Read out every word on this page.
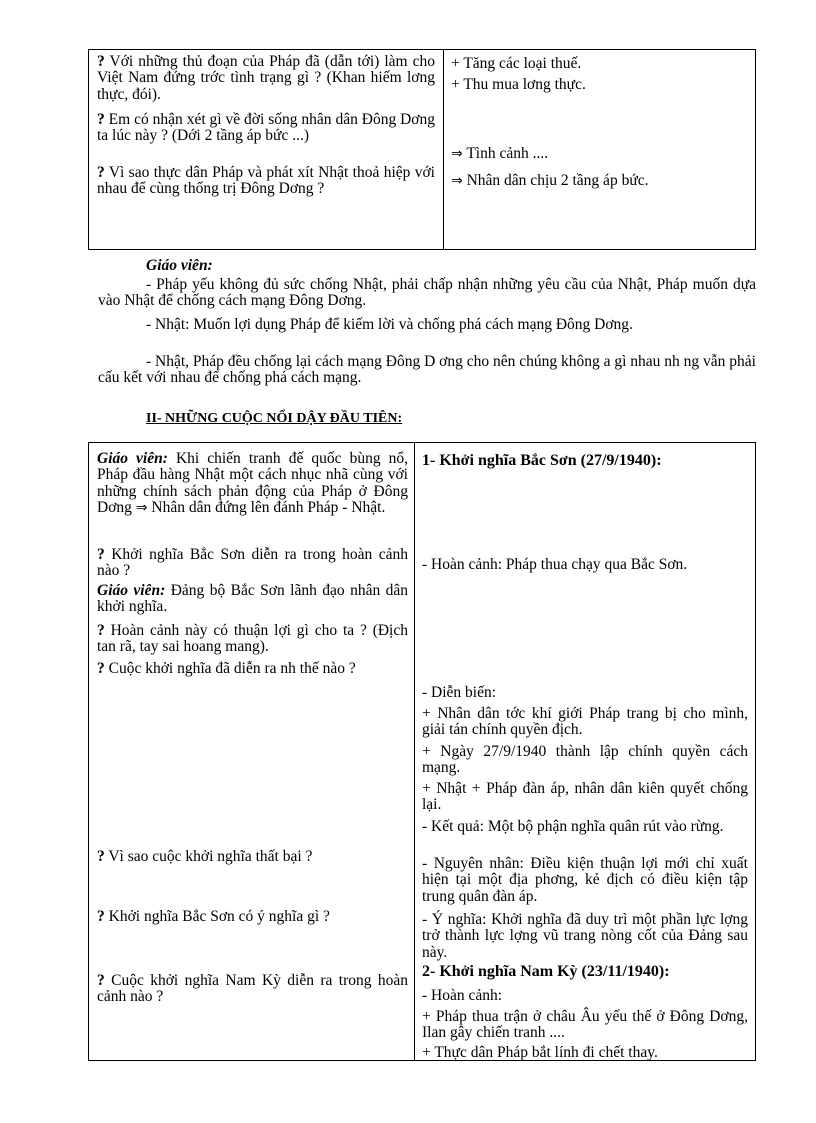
? Với những thủ đoạn của Pháp đã (dẫn tới) làm cho Việt Nam đứng trớc tình trạng gì ? (Khan hiếm lơng thực, đói).
? Em có nhận xét gì về đời sống nhân dân Đông Dơng ta lúc này ? (Dới 2 tầng áp bức ...)
? Vì sao thực dân Pháp và phát xít Nhật thoả hiệp với nhau để cùng thống trị Đông Dơng ?
+ Tăng các loại thuế.
+ Thu mua lơng thực.
⇒ Tình cảnh ....
⇒ Nhân dân chịu 2 tầng áp bức.
Giáo viên:
- Pháp yếu không đủ sức chống Nhật, phải chấp nhận những yêu cầu của Nhật, Pháp muốn dựa vào Nhật để chống cách mạng Đông Dơng.
- Nhật: Muốn lợi dụng Pháp để kiếm lời và chống phá cách mạng Đông Dơng.
- Nhật, Pháp đều chống lại cách mạng Đông D ơng cho nên chúng không a gì nhau nh ng vẫn phải cấu kết với nhau để chống phá cách mạng.
II- NHỮNG CUỘC NỔI DẬY ĐẦU TIÊN:
Giáo viên: Khi chiến tranh đế quốc bùng nổ, Pháp đầu hàng Nhật một cách nhục nhã cùng với những chính sách phản động của Pháp ở Đông Dơng ⇒ Nhân dân đứng lên đánh Pháp - Nhật.
? Khởi nghĩa Bắc Sơn diễn ra trong hoàn cảnh nào ?
Giáo viên: Đảng bộ Bắc Sơn lãnh đạo nhân dân khởi nghĩa.
? Hoàn cảnh này có thuận lợi gì cho ta ? (Địch tan rã, tay sai hoang mang).
? Cuộc khởi nghĩa đã diễn ra nh thế nào ?
? Vì sao cuộc khởi nghĩa thất bại ?
? Khởi nghĩa Bắc Sơn có ý nghĩa gì ?
? Cuộc khởi nghĩa Nam Kỳ diễn ra trong hoàn cảnh nào ?
1- Khởi nghĩa Bắc Sơn (27/9/1940):
- Hoàn cảnh: Pháp thua chạy qua Bắc Sơn.
- Diễn biến:
+ Nhân dân tớc khí giới Pháp trang bị cho mình, giải tán chính quyền địch.
+ Ngày 27/9/1940 thành lập chính quyền cách mạng.
+ Nhật + Pháp đàn áp, nhân dân kiên quyết chống lại.
- Kết quả: Một bộ phận nghĩa quân rút vào rừng.
- Nguyên nhân: Điều kiện thuận lợi mới chỉ xuất hiện tại một địa phơng, kẻ địch có điều kiện tập trung quân đàn áp.
- Ý nghĩa: Khởi nghĩa đã duy trì một phần lực lợng trở thành lực lợng vũ trang nòng cốt của Đảng sau này.
2- Khởi nghĩa Nam Kỳ (23/11/1940):
- Hoàn cảnh:
+ Pháp thua trận ở châu Âu yếu thế ở Đông Dơng, Ilan gây chiến tranh ....
+ Thực dân Pháp bắt lính đi chết thay.
